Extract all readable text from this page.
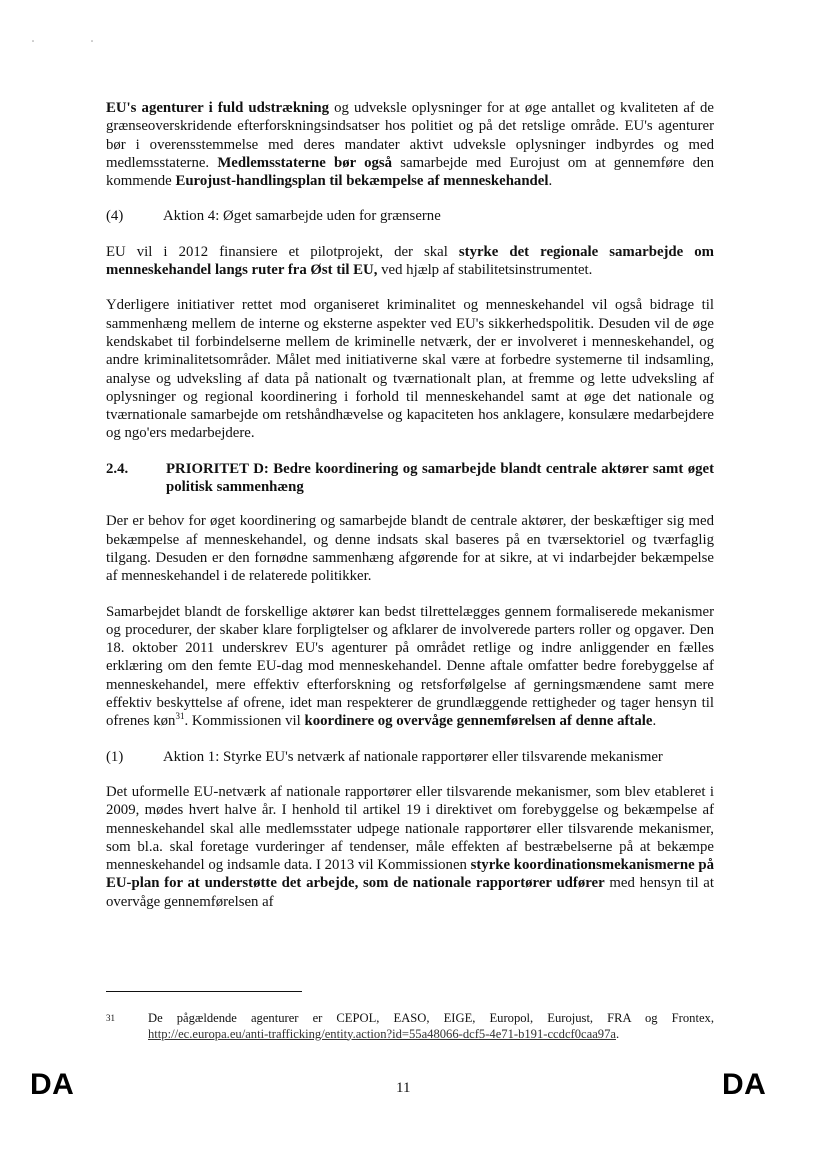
EU's agenturer i fuld udstrækning og udveksle oplysninger for at øge antallet og kvaliteten af de grænseoverskridende efterforskningsindsatser hos politiet og på det retslige område. EU's agenturer bør i overensstemmelse med deres mandater aktivt udveksle oplysninger indbyrdes og med medlemsstaterne. Medlemsstaterne bør også samarbejde med Eurojust om at gennemføre den kommende Eurojust-handlingsplan til bekæmpelse af menneskehandel.

(4)	Aktion 4: Øget samarbejde uden for grænserne

EU vil i 2012 finansiere et pilotprojekt, der skal styrke det regionale samarbejde om menneskehandel langs ruter fra Øst til EU, ved hjælp af stabilitetsinstrumentet.

Yderligere initiativer rettet mod organiseret kriminalitet og menneskehandel vil også bidrage til sammenhæng mellem de interne og eksterne aspekter ved EU's sikkerhedspolitik. Desuden vil de øge kendskabet til forbindelserne mellem de kriminelle netværk, der er involveret i menneskehandel, og andre kriminalitetsområder. Målet med initiativerne skal være at forbedre systemerne til indsamling, analyse og udveksling af data på nationalt og tværnationalt plan, at fremme og lette udveksling af oplysninger og regional koordinering i forhold til menneskehandel samt at øge det nationale og tværnationale samarbejde om retshåndhævelse og kapaciteten hos anklagere, konsulære medarbejdere og ngo'ers medarbejdere.

2.4.	PRIORITET D: Bedre koordinering og samarbejde blandt centrale aktører samt øget politisk sammenhæng

Der er behov for øget koordinering og samarbejde blandt de centrale aktører, der beskæftiger sig med bekæmpelse af menneskehandel, og denne indsats skal baseres på en tværsektoriel og tværfaglig tilgang. Desuden er den fornødne sammenhæng afgørende for at sikre, at vi indarbejder bekæmpelse af menneskehandel i de relaterede politikker.

Samarbejdet blandt de forskellige aktører kan bedst tilrettelægges gennem formaliserede mekanismer og procedurer, der skaber klare forpligtelser og afklarer de involverede parters roller og opgaver. Den 18. oktober 2011 underskrev EU's agenturer på området retlige og indre anliggender en fælles erklæring om den femte EU-dag mod menneskehandel. Denne aftale omfatter bedre forebyggelse af menneskehandel, mere effektiv efterforskning og retsforfølgelse af gerningsmændene samt mere effektiv beskyttelse af ofrene, idet man respekterer de grundlæggende rettigheder og tager hensyn til ofrenes køn$^{31}$. Kommissionen vil koordinere og overvåge gennemførelsen af denne aftale.

(1)	Aktion 1: Styrke EU's netværk af nationale rapportører eller tilsvarende mekanismer

Det uformelle EU-netværk af nationale rapportører eller tilsvarende mekanismer, som blev etableret i 2009, mødes hvert halve år. I henhold til artikel 19 i direktivet om forebyggelse og bekæmpelse af menneskehandel skal alle medlemsstater udpege nationale rapportører eller tilsvarende mekanismer, som bl.a. skal foretage vurderinger af tendenser, måle effekten af bestræbelserne på at bekæmpe menneskehandel og indsamle data. I 2013 vil Kommissionen styrke koordinationsmekanismerne på EU-plan for at understøtte det arbejde, som de nationale rapportører udfører med hensyn til at overvåge gennemførelsen af

31	De pågældende agenturer er CEPOL, EASO, EIGE, Europol, Eurojust, FRA og Frontex, http://ec.europa.eu/anti-trafficking/entity.action?id=55a48066-dcf5-4e71-b191-ccdcf0caa97a.
DA	11	DA
